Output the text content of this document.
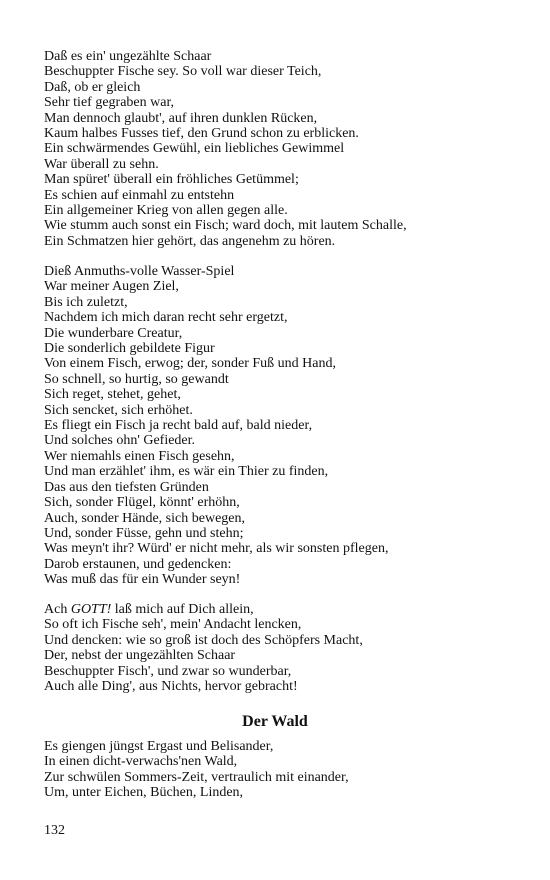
Daß es ein' ungezählte Schaar
Beschuppter Fische sey. So voll war dieser Teich,
Daß, ob er gleich
Sehr tief gegraben war,
Man dennoch glaubt', auf ihren dunklen Rücken,
Kaum halbes Fusses tief, den Grund schon zu erblicken.
Ein schwärmendes Gewühl, ein liebliches Gewimmel
War überall zu sehn.
Man spüret' überall ein fröhliches Getümmel;
Es schien auf einmahl zu entstehn
Ein allgemeiner Krieg von allen gegen alle.
Wie stumm auch sonst ein Fisch; ward doch, mit lautem Schalle,
Ein Schmatzen hier gehört, das angenehm zu hören.
Dieß Anmuths-volle Wasser-Spiel
War meiner Augen Ziel,
Bis ich zuletzt,
Nachdem ich mich daran recht sehr ergetzt,
Die wunderbare Creatur,
Die sonderlich gebildete Figur
Von einem Fisch, erwog; der, sonder Fuß und Hand,
So schnell, so hurtig, so gewandt
Sich reget, stehet, gehet,
Sich sencket, sich erhöhet.
Es fliegt ein Fisch ja recht bald auf, bald nieder,
Und solches ohn' Gefieder.
Wer niemahls einen Fisch gesehn,
Und man erzählet' ihm, es wär ein Thier zu finden,
Das aus den tiefsten Gründen
Sich, sonder Flügel, könnt' erhöhn,
Auch, sonder Hände, sich bewegen,
Und, sonder Füsse, gehn und stehn;
Was meyn't ihr? Würd' er nicht mehr, als wir sonsten pflegen,
Darob erstaunen, und gedencken:
Was muß das für ein Wunder seyn!
Ach GOTT! laß mich auf Dich allein,
So oft ich Fische seh', mein' Andacht lencken,
Und dencken: wie so groß ist doch des Schöpfers Macht,
Der, nebst der ungezählten Schaar
Beschuppter Fisch', und zwar so wunderbar,
Auch alle Ding', aus Nichts, hervor gebracht!
Der Wald
Es giengen jüngst Ergast und Belisander,
In einen dicht-verwachs'nen Wald,
Zur schwülen Sommers-Zeit, vertraulich mit einander,
Um, unter Eichen, Büchen, Linden,
132
